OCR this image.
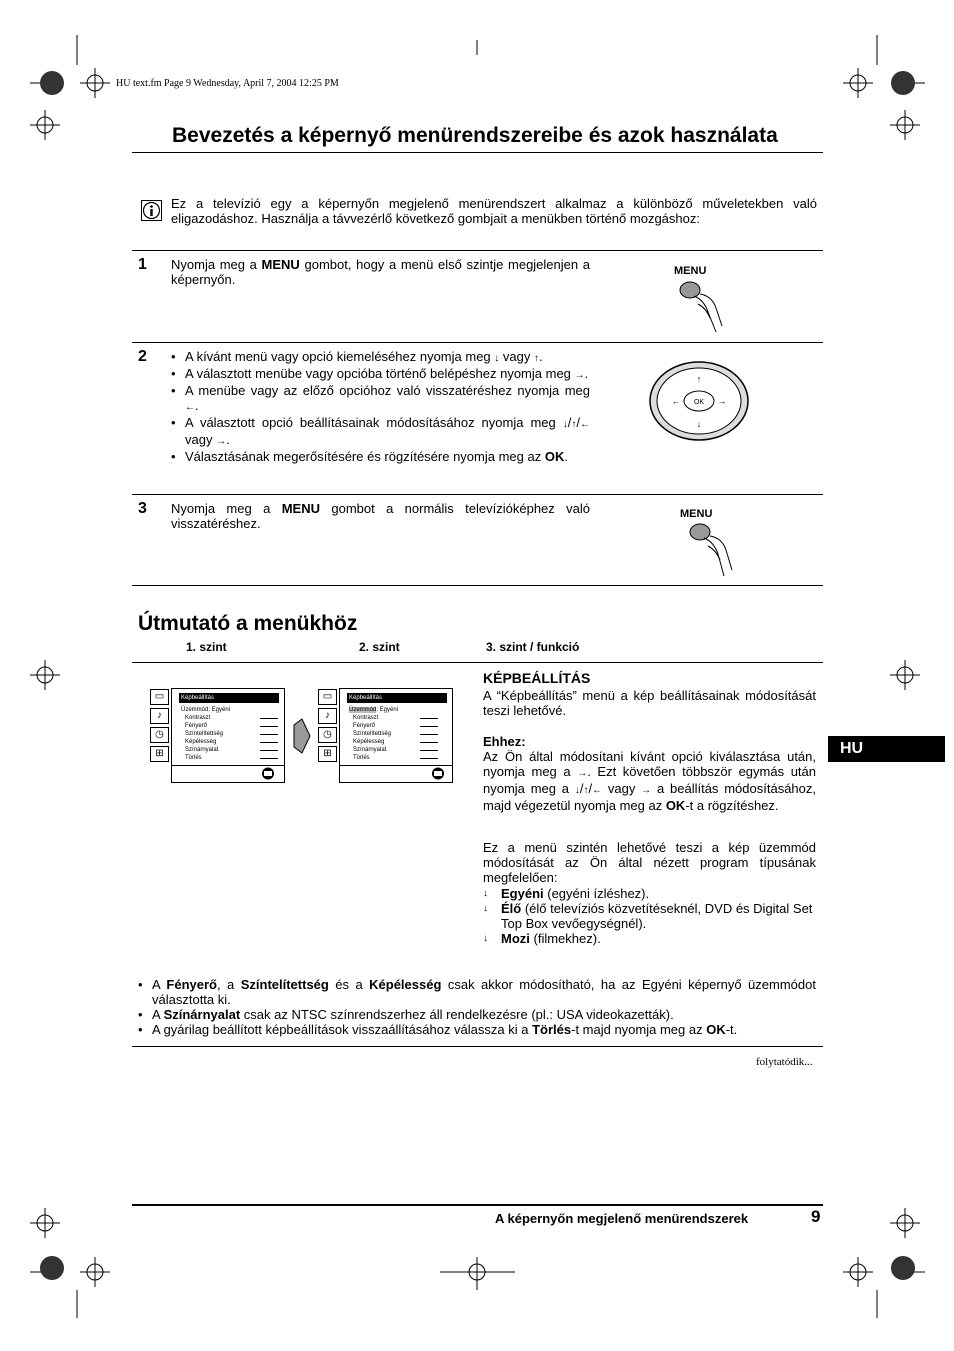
HU text.fm Page 9 Wednesday, April 7, 2004 12:25 PM
Bevezetés a képernyő menürendszereibe és azok használata
Ez a televízió egy a képernyőn megjelenő menürendszert alkalmaz a különböző műveletekben való eligazodáshoz. Használja a távvezérlő következő gombjait a menükben történő mozgáshoz:
1 Nyomja meg a MENU gombot, hogy a menü első szintje megjelenjen a képernyőn.
MENU
2
•	A kívánt menü vagy opció kiemeléséhez nyomja meg ↓ vagy ↑.
• A választott menübe vagy opcióba történő belépéshez nyomja meg →.
• A menübe vagy az előző opcióhoz való visszatéréshez nyomja meg ←.
• A választott opció beállításainak módosításához nyomja meg ↓/↑/← vagy →.
• Választásának megerősítésére és rögzítésére nyomja meg az OK.
OK
↑
↓
←	→
3 Nyomja meg a MENU gombot a normális televízióképhez való visszatéréshez.
MENU
Útmutató a menükhöz
1. szint	2. szint	3. szint / funkció
▭
♪
◷
⊞
Képbeállítás
Üzemmód: Egyéni
Kontraszt
Fényerő
Színtelítettség
Képélesség
Színárnyalat
Törlés
▭
♪
◷
⊞
Képbeállítás
Üzemmód: Egyéni
Kontraszt
Fényerő
Színtelítettség
Képélesség
Színárnyalat
Törlés
KÉPBEÁLLÍTÁS
A “Képbeállítás” menü a kép beállításainak módosítását teszi lehetővé.
Ehhez:
Az Ön által módosítani kívánt opció kiválasztása után, nyomja meg a →. Ezt követően többször egymás után nyomja meg a ↓/↑/← vagy → a beállítás módosításához, majd végezetül nyomja meg az OK-t a rögzítéshez.
Ez a menü szintén lehetővé teszi a kép üzemmód módosítását az Ön által nézett program típusának megfelelően:
↓ Egyéni (egyéni ízléshez).
↓ Élő (élő televíziós közvetítéseknél, DVD és Digital Set Top Box vevőegységnél).
↓ Mozi (filmekhez).
HU
• A Fényerő, a Színtelítettség és a Képélesség csak akkor módosítható, ha az Egyéni képernyő üzemmódot választotta ki.
• A Színárnyalat csak az NTSC színrendszerhez áll rendelkezésre (pl.: USA videokazetták).
• A gyárilag beállított képbeállítások visszaállításához válassza ki a Törlés-t majd nyomja meg az OK-t.
folytatódik...
A képernyőn megjelenő menürendszerek	9
